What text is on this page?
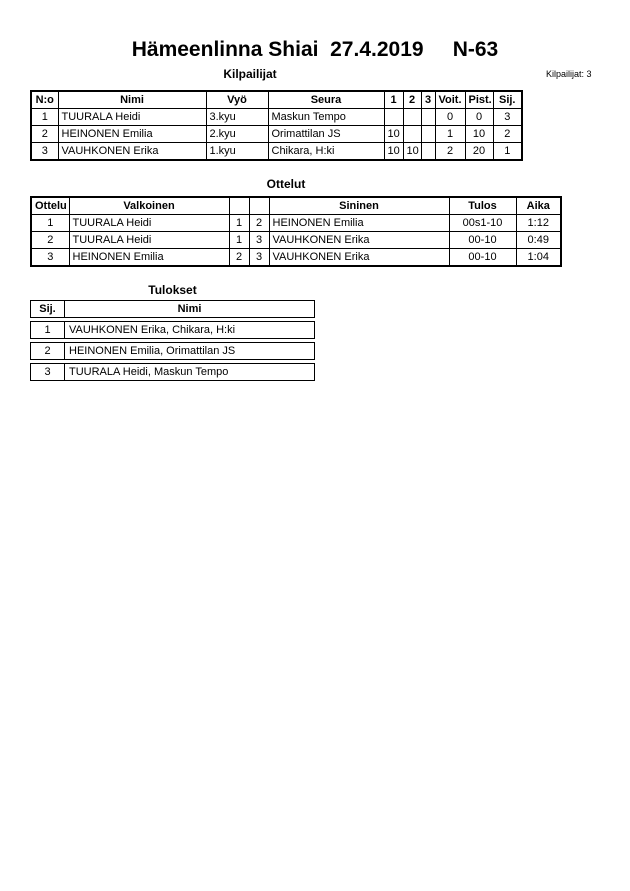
Hämeenlinna Shiai  27.4.2019     N-63
Kilpailijat: 3
Kilpailijat
N:o	Nimi	Vyö	Seura	1	2	3	Voit.	Pist.	Sij.
1	TUURALA Heidi	3.kyu	Maskun Tempo				0	0	3
2	HEINONEN Emilia	2.kyu	Orimattilan JS	10			1	10	2
3	VAUHKONEN Erika	1.kyu	Chikara, H:ki	10	10		2	20	1
Ottelut
Ottelu	Valkoinen			Sininen	Tulos	Aika
1	TUURALA Heidi	1	2	HEINONEN Emilia	00s1-10	1:12
2	TUURALA Heidi	1	3	VAUHKONEN Erika	00-10	0:49
3	HEINONEN Emilia	2	3	VAUHKONEN Erika	00-10	1:04
Tulokset
Sij.	Nimi
1	VAUHKONEN Erika, Chikara, H:ki
2	HEINONEN Emilia, Orimattilan JS
3	TUURALA Heidi, Maskun Tempo
